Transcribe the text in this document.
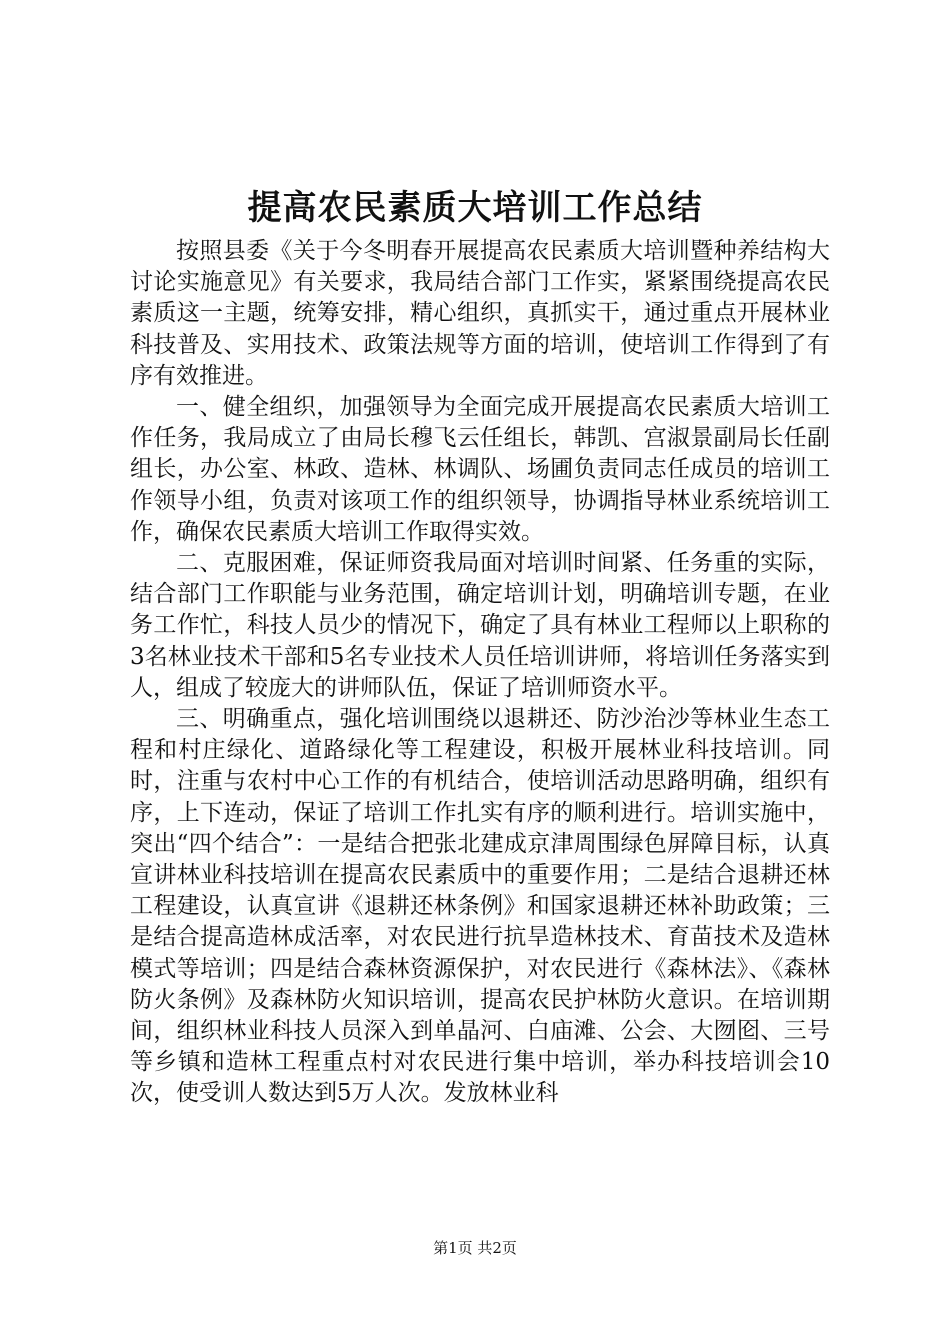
提高农民素质大培训工作总结

按照县委《关于今冬明春开展提高农民素质大培训暨种养结构大讨论实施意见》有关要求，我局结合部门工作实，紧紧围绕提高农民素质这一主题，统筹安排，精心组织，真抓实干，通过重点开展林业科技普及、实用技术、政策法规等方面的培训，使培训工作得到了有序有效推进。

一、健全组织，加强领导为全面完成开展提高农民素质大培训工作任务，我局成立了由局长穆飞云任组长，韩凯、宫淑景副局长任副组长，办公室、林政、造林、林调队、场圃负责同志任成员的培训工作领导小组，负责对该项工作的组织领导，协调指导林业系统培训工作，确保农民素质大培训工作取得实效。

二、克服困难，保证师资我局面对培训时间紧、任务重的实际，结合部门工作职能与业务范围，确定培训计划，明确培训专题，在业务工作忙，科技人员少的情况下，确定了具有林业工程师以上职称的3名林业技术干部和5名专业技术人员任培训讲师，将培训任务落实到人，组成了较庞大的讲师队伍，保证了培训师资水平。

三、明确重点，强化培训围绕以退耕还、防沙治沙等林业生态工程和村庄绿化、道路绿化等工程建设，积极开展林业科技培训。同时，注重与农村中心工作的有机结合，使培训活动思路明确，组织有序，上下连动，保证了培训工作扎实有序的顺利进行。培训实施中，突出“四个结合”：一是结合把张北建成京津周围绿色屏障目标，认真宣讲林业科技培训在提高农民素质中的重要作用；二是结合退耕还林工程建设，认真宣讲《退耕还林条例》和国家退耕还林补助政策；三是结合提高造林成活率，对农民进行抗旱造林技术、育苗技术及造林模式等培训；四是结合森林资源保护，对农民进行《森林法》、《森林防火条例》及森林防火知识培训，提高农民护林防火意识。在培训期间，组织林业科技人员深入到单晶河、白庙滩、公会、大囫囵、三号等乡镇和造林工程重点村对农民进行集中培训，举办科技培训会10次，使受训人数达到5万人次。发放林业科

第1页 共2页
